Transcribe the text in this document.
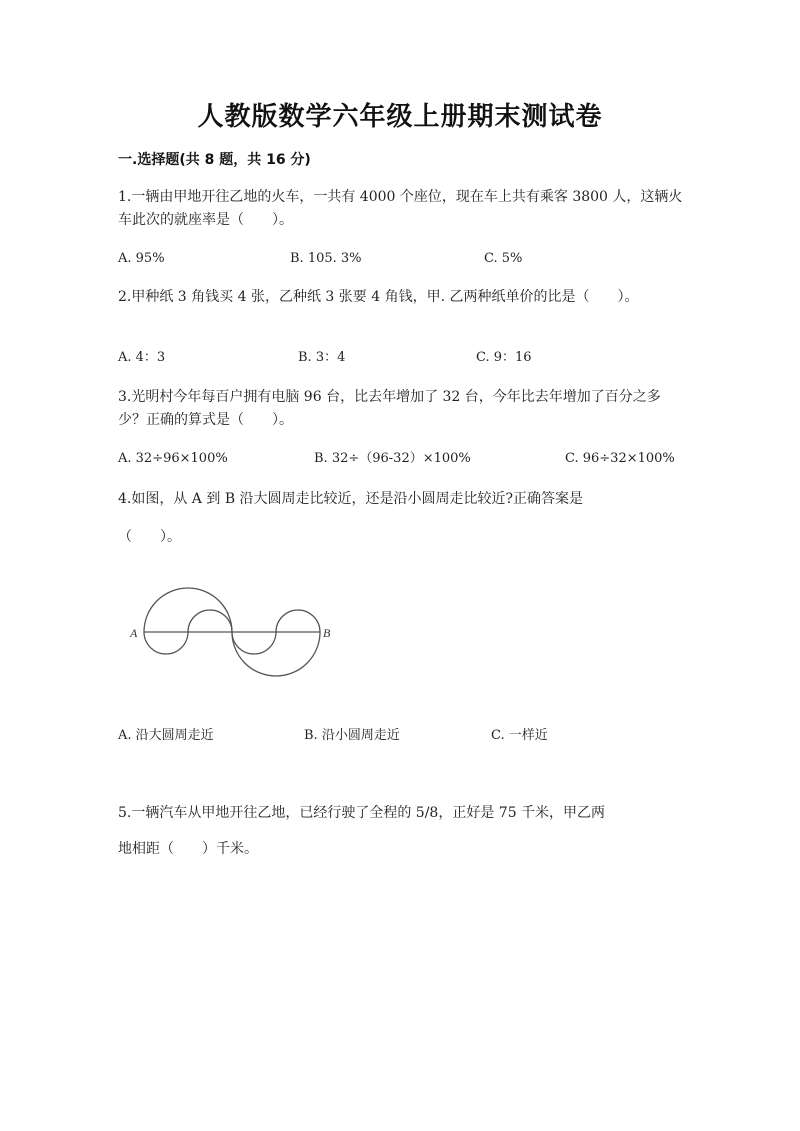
人教版数学六年级上册期末测试卷
一.选择题(共 8 题，共 16 分)
1.一辆由甲地开往乙地的火车，一共有 4000 个座位，现在车上共有乘客 3800 人，这辆火车此次的就座率是（　　）。
A. 95%	B. 105. 3%	C. 5%
2.甲种纸 3 角钱买 4 张，乙种纸 3 张要 4 角钱，甲. 乙两种纸单价的比是（　　）。
A. 4：3	B. 3：4	C. 9：16
3.光明村今年每百户拥有电脑 96 台，比去年增加了 32 台，今年比去年增加了百分之多少？正确的算式是（　　）。
A. 32÷96×100%	B. 32÷（96-32）×100%	C. 96÷32×100%
4.如图，从 A 到 B 沿大圆周走比较近，还是沿小圆周走比较近?正确答案是
（　　）。
A	B
A. 沿大圆周走近	B. 沿小圆周走近	C. 一样近
5.一辆汽车从甲地开往乙地，已经行驶了全程的 5/8，正好是 75 千米，甲乙两
地相距（　　）千米。
